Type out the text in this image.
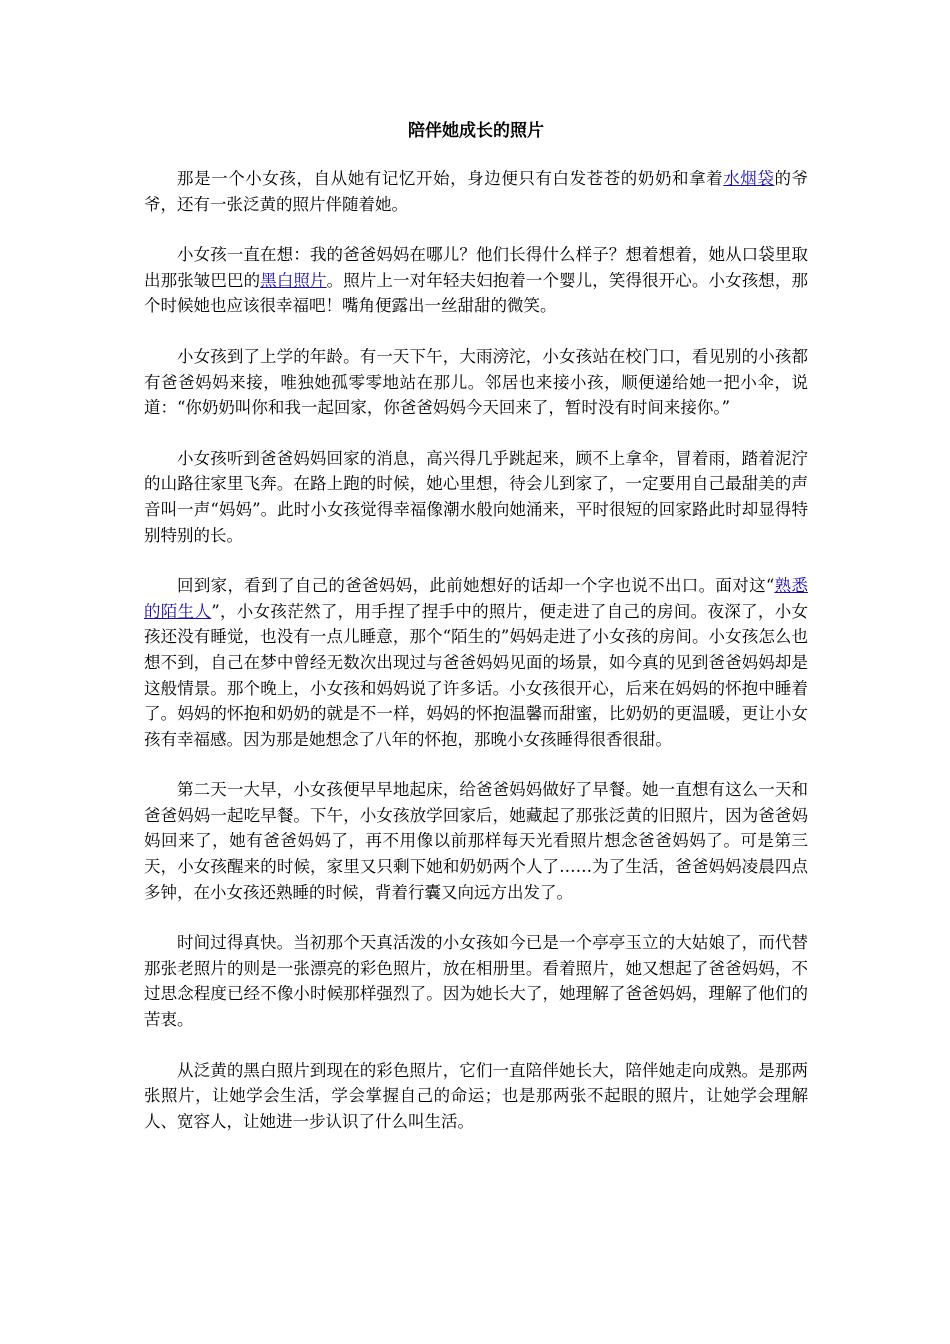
陪伴她成长的照片

那是一个小女孩，自从她有记忆开始，身边便只有白发苍苍的奶奶和拿着水烟袋的爷爷，还有一张泛黄的照片伴随着她。

小女孩一直在想：我的爸爸妈妈在哪儿？他们长得什么样子？想着想着，她从口袋里取出那张皱巴巴的黑白照片。照片上一对年轻夫妇抱着一个婴儿，笑得很开心。小女孩想，那个时候她也应该很幸福吧！嘴角便露出一丝甜甜的微笑。

小女孩到了上学的年龄。有一天下午，大雨滂沱，小女孩站在校门口，看见别的小孩都有爸爸妈妈来接，唯独她孤零零地站在那儿。邻居也来接小孩，顺便递给她一把小伞，说道：“你奶奶叫你和我一起回家，你爸爸妈妈今天回来了，暂时没有时间来接你。”

小女孩听到爸爸妈妈回家的消息，高兴得几乎跳起来，顾不上拿伞，冒着雨，踏着泥泞的山路往家里飞奔。在路上跑的时候，她心里想，待会儿到家了，一定要用自己最甜美的声音叫一声“妈妈”。此时小女孩觉得幸福像潮水般向她涌来，平时很短的回家路此时却显得特别特别的长。

回到家，看到了自己的爸爸妈妈，此前她想好的话却一个字也说不出口。面对这“熟悉的陌生人”，小女孩茫然了，用手捏了捏手中的照片，便走进了自己的房间。夜深了，小女孩还没有睡觉，也没有一点儿睡意，那个“陌生的”妈妈走进了小女孩的房间。小女孩怎么也想不到，自己在梦中曾经无数次出现过与爸爸妈妈见面的场景，如今真的见到爸爸妈妈却是这般情景。那个晚上，小女孩和妈妈说了许多话。小女孩很开心，后来在妈妈的怀抱中睡着了。妈妈的怀抱和奶奶的就是不一样，妈妈的怀抱温馨而甜蜜，比奶奶的更温暖，更让小女孩有幸福感。因为那是她想念了八年的怀抱，那晚小女孩睡得很香很甜。

第二天一大早，小女孩便早早地起床，给爸爸妈妈做好了早餐。她一直想有这么一天和爸爸妈妈一起吃早餐。下午，小女孩放学回家后，她藏起了那张泛黄的旧照片，因为爸爸妈妈回来了，她有爸爸妈妈了，再不用像以前那样每天光看照片想念爸爸妈妈了。可是第三天，小女孩醒来的时候，家里又只剩下她和奶奶两个人了……为了生活，爸爸妈妈凌晨四点多钟，在小女孩还熟睡的时候，背着行囊又向远方出发了。

时间过得真快。当初那个天真活泼的小女孩如今已是一个亭亭玉立的大姑娘了，而代替那张老照片的则是一张漂亮的彩色照片，放在相册里。看着照片，她又想起了爸爸妈妈，不过思念程度已经不像小时候那样强烈了。因为她长大了，她理解了爸爸妈妈，理解了他们的苦衷。

从泛黄的黑白照片到现在的彩色照片，它们一直陪伴她长大，陪伴她走向成熟。是那两张照片，让她学会生活，学会掌握自己的命运；也是那两张不起眼的照片，让她学会理解人、宽容人，让她进一步认识了什么叫生活。
